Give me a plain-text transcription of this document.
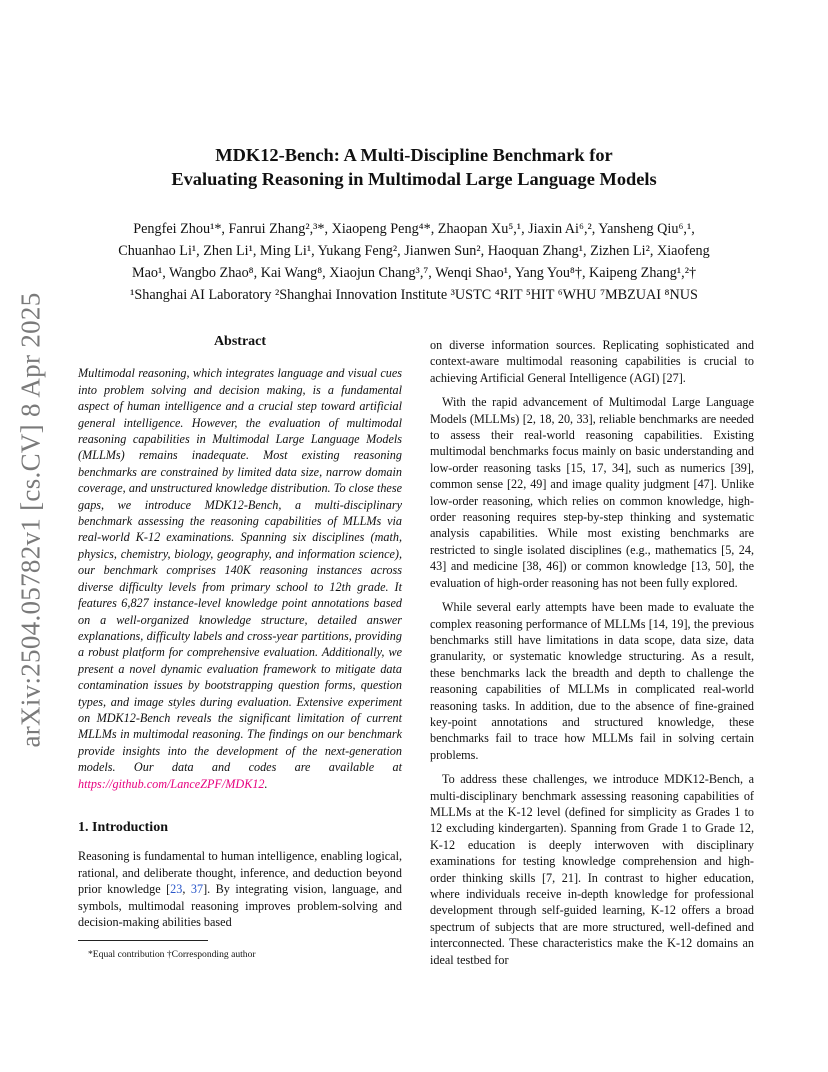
arXiv:2504.05782v1 [cs.CV] 8 Apr 2025
MDK12-Bench: A Multi-Discipline Benchmark for
Evaluating Reasoning in Multimodal Large Language Models
Pengfei Zhou¹*, Fanrui Zhang²,³*, Xiaopeng Peng⁴*, Zhaopan Xu⁵,¹, Jiaxin Ai⁶,², Yansheng Qiu⁶,¹,
Chuanhao Li¹, Zhen Li¹, Ming Li¹, Yukang Feng², Jianwen Sun², Haoquan Zhang¹, Zizhen Li², Xiaofeng
Mao¹, Wangbo Zhao⁸, Kai Wang⁸, Xiaojun Chang³,⁷, Wenqi Shao¹, Yang You⁸†, Kaipeng Zhang¹,²†
¹Shanghai AI Laboratory ²Shanghai Innovation Institute ³USTC ⁴RIT ⁵HIT ⁶WHU ⁷MBZUAI ⁸NUS
Abstract

Multimodal reasoning, which integrates language and visual cues into problem solving and decision making, is a fundamental aspect of human intelligence and a crucial step toward artificial general intelligence. However, the evaluation of multimodal reasoning capabilities in Multimodal Large Language Models (MLLMs) remains inadequate. Most existing reasoning benchmarks are constrained by limited data size, narrow domain coverage, and unstructured knowledge distribution. To close these gaps, we introduce MDK12-Bench, a multi-disciplinary benchmark assessing the reasoning capabilities of MLLMs via real-world K-12 examinations. Spanning six disciplines (math, physics, chemistry, biology, geography, and information science), our benchmark comprises 140K reasoning instances across diverse difficulty levels from primary school to 12th grade. It features 6,827 instance-level knowledge point annotations based on a well-organized knowledge structure, detailed answer explanations, difficulty labels and cross-year partitions, providing a robust platform for comprehensive evaluation. Additionally, we present a novel dynamic evaluation framework to mitigate data contamination issues by bootstrapping question forms, question types, and image styles during evaluation. Extensive experiment on MDK12-Bench reveals the significant limitation of current MLLMs in multimodal reasoning. The findings on our benchmark provide insights into the development of the next-generation models. Our data and codes are available at https://github.com/LanceZPF/MDK12.

1. Introduction

Reasoning is fundamental to human intelligence, enabling logical, rational, and deliberate thought, inference, and deduction beyond prior knowledge [23, 37]. By integrating vision, language, and symbols, multimodal reasoning improves problem-solving and decision-making abilities based

*Equal contribution †Corresponding author

on diverse information sources. Replicating sophisticated and context-aware multimodal reasoning capabilities is crucial to achieving Artificial General Intelligence (AGI) [27].

With the rapid advancement of Multimodal Large Language Models (MLLMs) [2, 18, 20, 33], reliable benchmarks are needed to assess their real-world reasoning capabilities. Existing multimodal benchmarks focus mainly on basic understanding and low-order reasoning tasks [15, 17, 34], such as numerics [39], common sense [22, 49] and image quality judgment [47]. Unlike low-order reasoning, which relies on common knowledge, high-order reasoning requires step-by-step thinking and systematic analysis capabilities. While most existing benchmarks are restricted to single isolated disciplines (e.g., mathematics [5, 24, 43] and medicine [38, 46]) or common knowledge [13, 50], the evaluation of high-order reasoning has not been fully explored.

While several early attempts have been made to evaluate the complex reasoning performance of MLLMs [14, 19], the previous benchmarks still have limitations in data scope, data size, data granularity, or systematic knowledge structuring. As a result, these benchmarks lack the breadth and depth to challenge the reasoning capabilities of MLLMs in complicated real-world reasoning tasks. In addition, due to the absence of fine-grained key-point annotations and structured knowledge, these benchmarks fail to trace how MLLMs fail in solving certain problems.

To address these challenges, we introduce MDK12-Bench, a multi-disciplinary benchmark assessing reasoning capabilities of MLLMs at the K-12 level (defined for simplicity as Grades 1 to 12 excluding kindergarten). Spanning from Grade 1 to Grade 12, K-12 education is deeply interwoven with disciplinary examinations for testing knowledge comprehension and high-order thinking skills [7, 21]. In contrast to higher education, where individuals receive in-depth knowledge for professional development through self-guided learning, K-12 offers a broad spectrum of subjects that are more structured, well-defined and interconnected. These characteristics make the K-12 domains an ideal testbed for
